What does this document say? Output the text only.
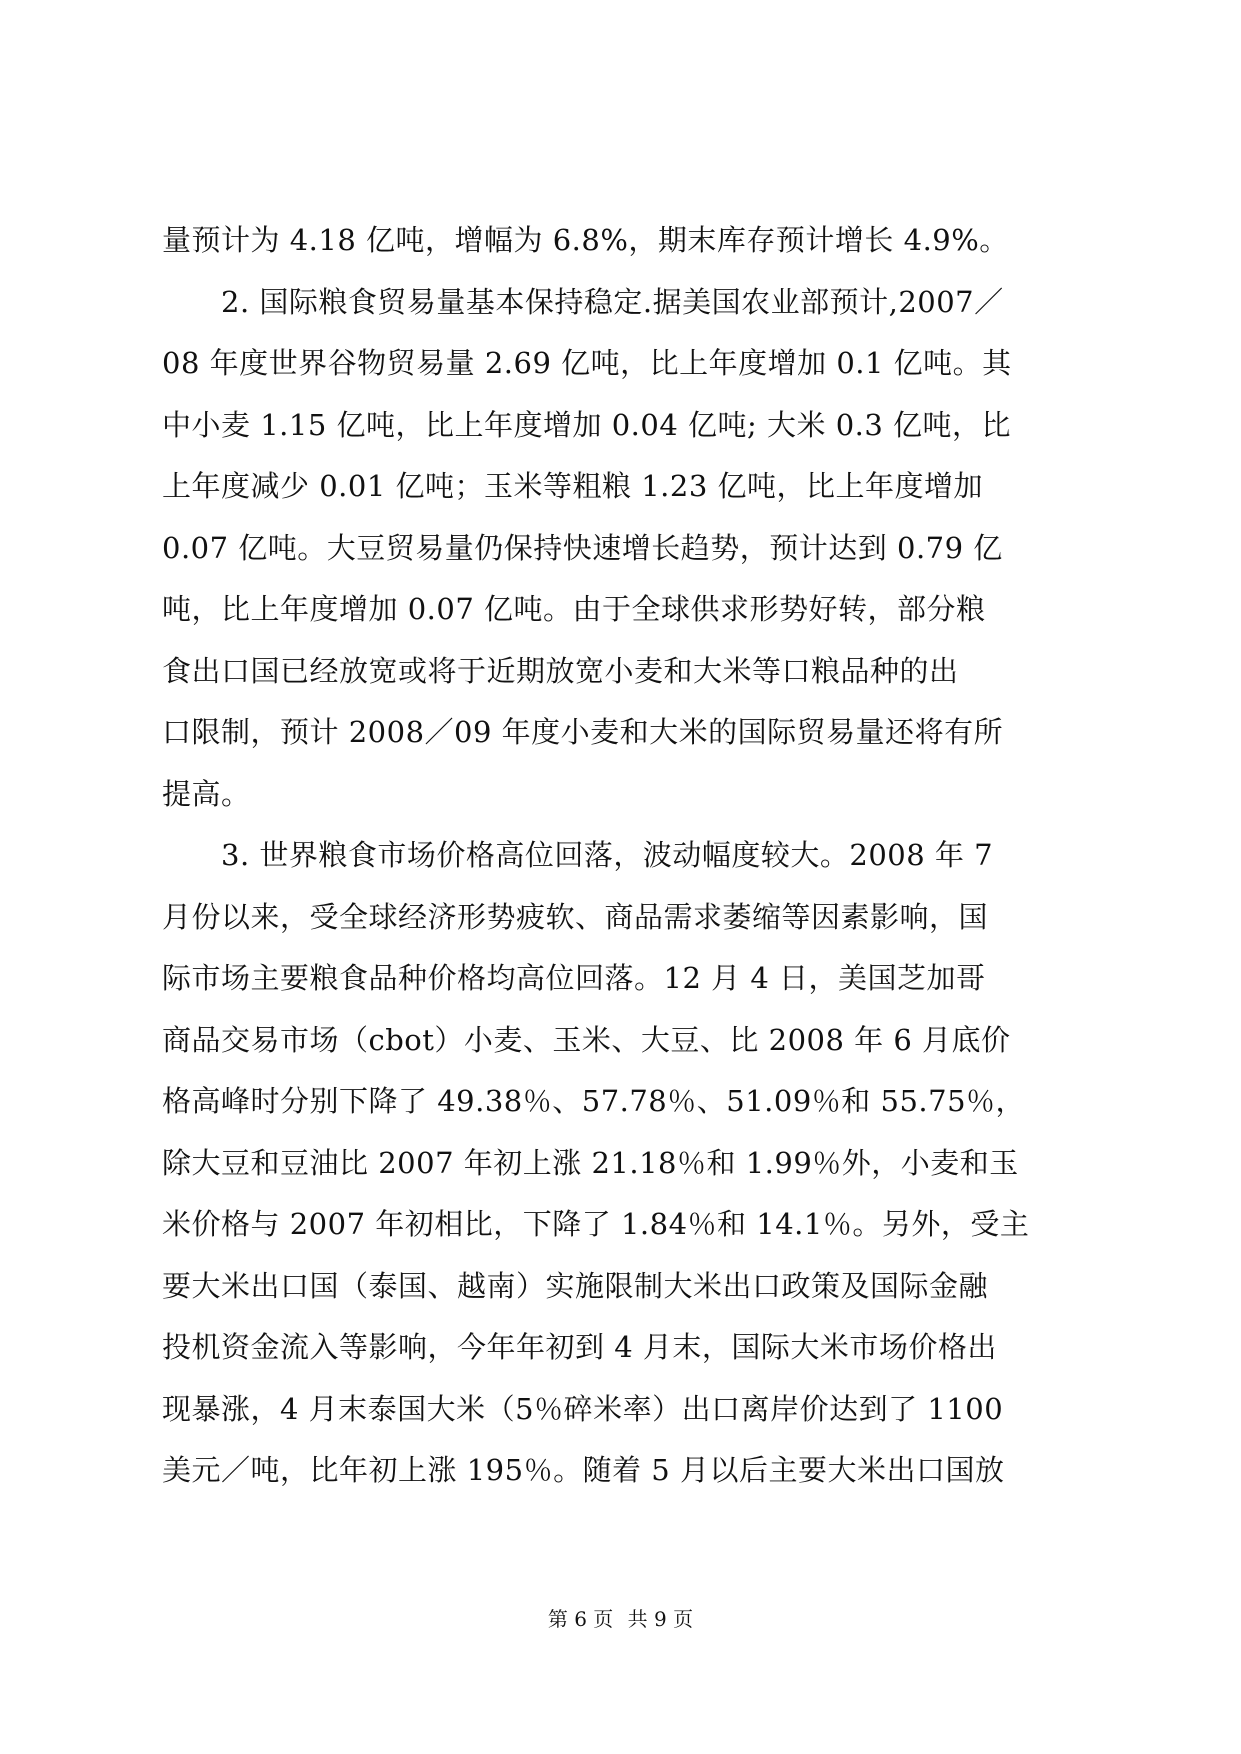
量预计为 4.18 亿吨，增幅为 6.8%，期末库存预计增长 4.9%。
　　2. 国际粮食贸易量基本保持稳定.据美国农业部预计,2007／
08 年度世界谷物贸易量 2.69 亿吨，比上年度增加 0.1 亿吨。其
中小麦 1.15 亿吨，比上年度增加 0.04 亿吨; 大米 0.3 亿吨，比
上年度减少 0.01 亿吨；玉米等粗粮 1.23 亿吨，比上年度增加
0.07 亿吨。大豆贸易量仍保持快速增长趋势，预计达到 0.79 亿
吨，比上年度增加 0.07 亿吨。由于全球供求形势好转，部分粮
食出口国已经放宽或将于近期放宽小麦和大米等口粮品种的出
口限制，预计 2008／09 年度小麦和大米的国际贸易量还将有所
提高。
　　3. 世界粮食市场价格高位回落，波动幅度较大。2008 年 7
月份以来，受全球经济形势疲软、商品需求萎缩等因素影响，国
际市场主要粮食品种价格均高位回落。12 月 4 日，美国芝加哥
商品交易市场（cbot）小麦、玉米、大豆、比 2008 年 6 月底价
格高峰时分别下降了 49.38％、57.78％、51.09％和 55.75％，
除大豆和豆油比 2007 年初上涨 21.18％和 1.99％外，小麦和玉
米价格与 2007 年初相比，下降了 1.84％和 14.1％。另外，受主
要大米出口国（泰国、越南）实施限制大米出口政策及国际金融
投机资金流入等影响，今年年初到 4 月末，国际大米市场价格出
现暴涨，4 月末泰国大米（5％碎米率）出口离岸价达到了 1100
美元／吨，比年初上涨 195％。随着 5 月以后主要大米出口国放
第 6 页 共 9 页
